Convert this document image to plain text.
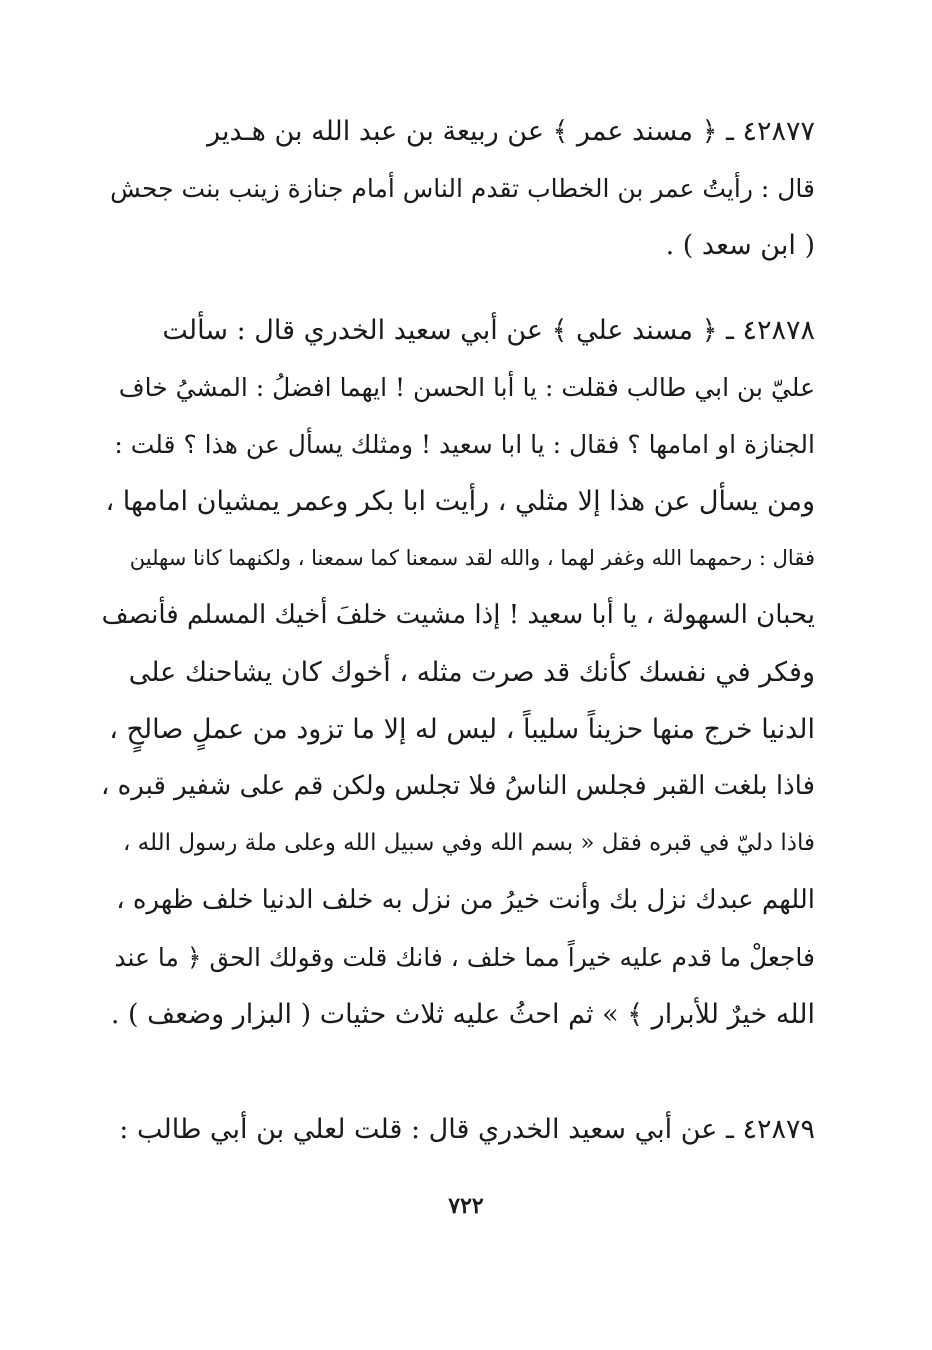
٤٢٨٧٧ ـ ﴿ مسند عمر ﴾ عن ربيعة بن عبد الله بن هـدير
قال : رأيتُ عمر بن الخطاب تقدم الناس أمام جنازة زينب بنت جحش
( ابن سعد ) .
٤٢٨٧٨ ـ ﴿ مسند علي ﴾ عن أبي سعيد الخدري قال : سألت
عليّ بن ابي طالب فقلت : يا أبا الحسن ! ايهما افضلُ : المشيُ خاف
الجنازة او امامها ؟ فقال : يا ابا سعيد ! ومثلك يسأل عن هذا ؟ قلت :
ومن يسأل عن هذا إلا مثلي ، رأيت ابا بكر وعمر يمشيان امامها ،
فقال : رحمهما الله وغفر لهما ، والله لقد سمعنا كما سمعنا ، ولكنهما كانا سهلين
يحبان السهولة ، يا أبا سعيد ! إذا مشيت خلفَ أخيك المسلم فأنصف
وفكر في نفسك كأنك قد صرت مثله ، أخوك كان يشاحنك على
الدنيا خرج منها حزيناً سليباً ، ليس له إلا ما تزود من عملٍ صالحٍ ،
فاذا بلغت القبر فجلس الناسُ فلا تجلس ولكن قم على شفير قبره ،
فاذا دليّ في قبره فقل « بسم الله وفي سبيل الله وعلى ملة رسول الله ،
اللهم عبدك نزل بك وأنت خيرُ من نزل به خلف الدنيا خلف ظهره ،
فاجعلْ ما قدم عليه خيراً مما خلف ، فانك قلت وقولك الحق ﴿ ما عند
الله خيرٌ للأبرار ﴾ » ثم احثُ عليه ثلاث حثيات ( البزار وضعف ) .
٤٢٨٧٩ ـ عن أبي سعيد الخدري قال : قلت لعلي بن أبي طالب :
٧٢٢
